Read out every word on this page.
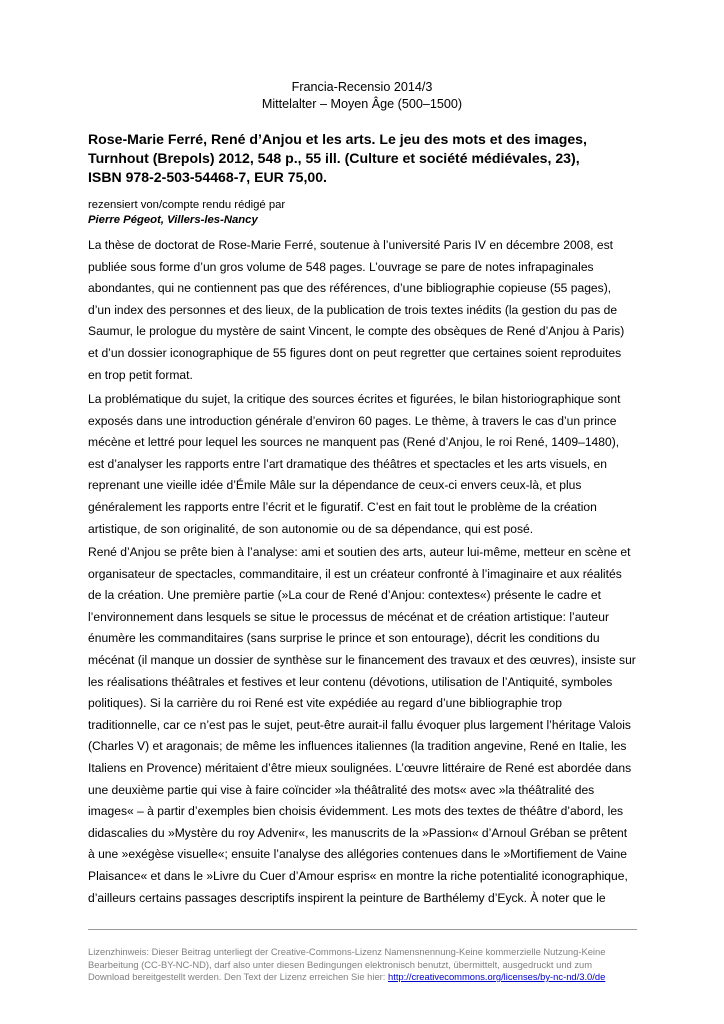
Francia-Recensio 2014/3
Mittelalter – Moyen Âge (500–1500)
Rose-Marie Ferré, René d’Anjou et les arts. Le jeu des mots et des images,
Turnhout (Brepols) 2012, 548 p., 55 ill. (Culture et société médiévales, 23),
ISBN 978-2-503-54468-7, EUR 75,00.
rezensiert von/compte rendu rédigé par
Pierre Pégeot, Villers-les-Nancy
La thèse de doctorat de Rose-Marie Ferré, soutenue à l’université Paris IV en décembre 2008, est
publiée sous forme d’un gros volume de 548 pages. L’ouvrage se pare de notes infrapaginales
abondantes, qui ne contiennent pas que des références, d’une bibliographie copieuse (55 pages),
d’un index des personnes et des lieux, de la publication de trois textes inédits (la gestion du pas de
Saumur, le prologue du mystère de saint Vincent, le compte des obsèques de René d’Anjou à Paris)
et d’un dossier iconographique de 55 figures dont on peut regretter que certaines soient reproduites
en trop petit format.
La problématique du sujet, la critique des sources écrites et figurées, le bilan historiographique sont
exposés dans une introduction générale d’environ 60 pages. Le thème, à travers le cas d’un prince
mécène et lettré pour lequel les sources ne manquent pas (René d’Anjou, le roi René, 1409–1480),
est d’analyser les rapports entre l’art dramatique des théâtres et spectacles et les arts visuels, en
reprenant une vieille idée d’Émile Mâle sur la dépendance de ceux-ci envers ceux-là, et plus
généralement les rapports entre l’écrit et le figuratif. C’est en fait tout le problème de la création
artistique, de son originalité, de son autonomie ou de sa dépendance, qui est posé.
René d’Anjou se prête bien à l’analyse: ami et soutien des arts, auteur lui-même, metteur en scène et
organisateur de spectacles, commanditaire, il est un créateur confronté à l’imaginaire et aux réalités
de la création. Une première partie (»La cour de René d’Anjou: contextes«) présente le cadre et
l’environnement dans lesquels se situe le processus de mécénat et de création artistique: l’auteur
énumère les commanditaires (sans surprise le prince et son entourage), décrit les conditions du
mécénat (il manque un dossier de synthèse sur le financement des travaux et des œuvres), insiste sur
les réalisations théâtrales et festives et leur contenu (dévotions, utilisation de l’Antiquité, symboles
politiques). Si la carrière du roi René est vite expédiée au regard d’une bibliographie trop
traditionnelle, car ce n’est pas le sujet, peut-être aurait-il fallu évoquer plus largement l’héritage Valois
(Charles V) et aragonais; de même les influences italiennes (la tradition angevine, René en Italie, les
Italiens en Provence) méritaient d’être mieux soulignées. L’œuvre littéraire de René est abordée dans
une deuxième partie qui vise à faire coïncider »la théâtralité des mots« avec »la théâtralité des
images« – à partir d’exemples bien choisis évidemment. Les mots des textes de théâtre d’abord, les
didascalies du »Mystère du roy Advenir«, les manuscrits de la »Passion« d’Arnoul Gréban se prêtent
à une »exégèse visuelle«; ensuite l’analyse des allégories contenues dans le »Mortifiement de Vaine
Plaisance« et dans le »Livre du Cuer d’Amour espris« en montre la riche potentialité iconographique,
d’ailleurs certains passages descriptifs inspirent la peinture de Barthélemy d’Eyck. À noter que le
Lizenzhinweis: Dieser Beitrag unterliegt der Creative-Commons-Lizenz Namensnennung-Keine kommerzielle Nutzung-Keine
Bearbeitung (CC-BY-NC-ND), darf also unter diesen Bedingungen elektronisch benutzt, übermittelt, ausgedruckt und zum
Download bereitgestellt werden. Den Text der Lizenz erreichen Sie hier: http://creativecommons.org/licenses/by-nc-nd/3.0/de
